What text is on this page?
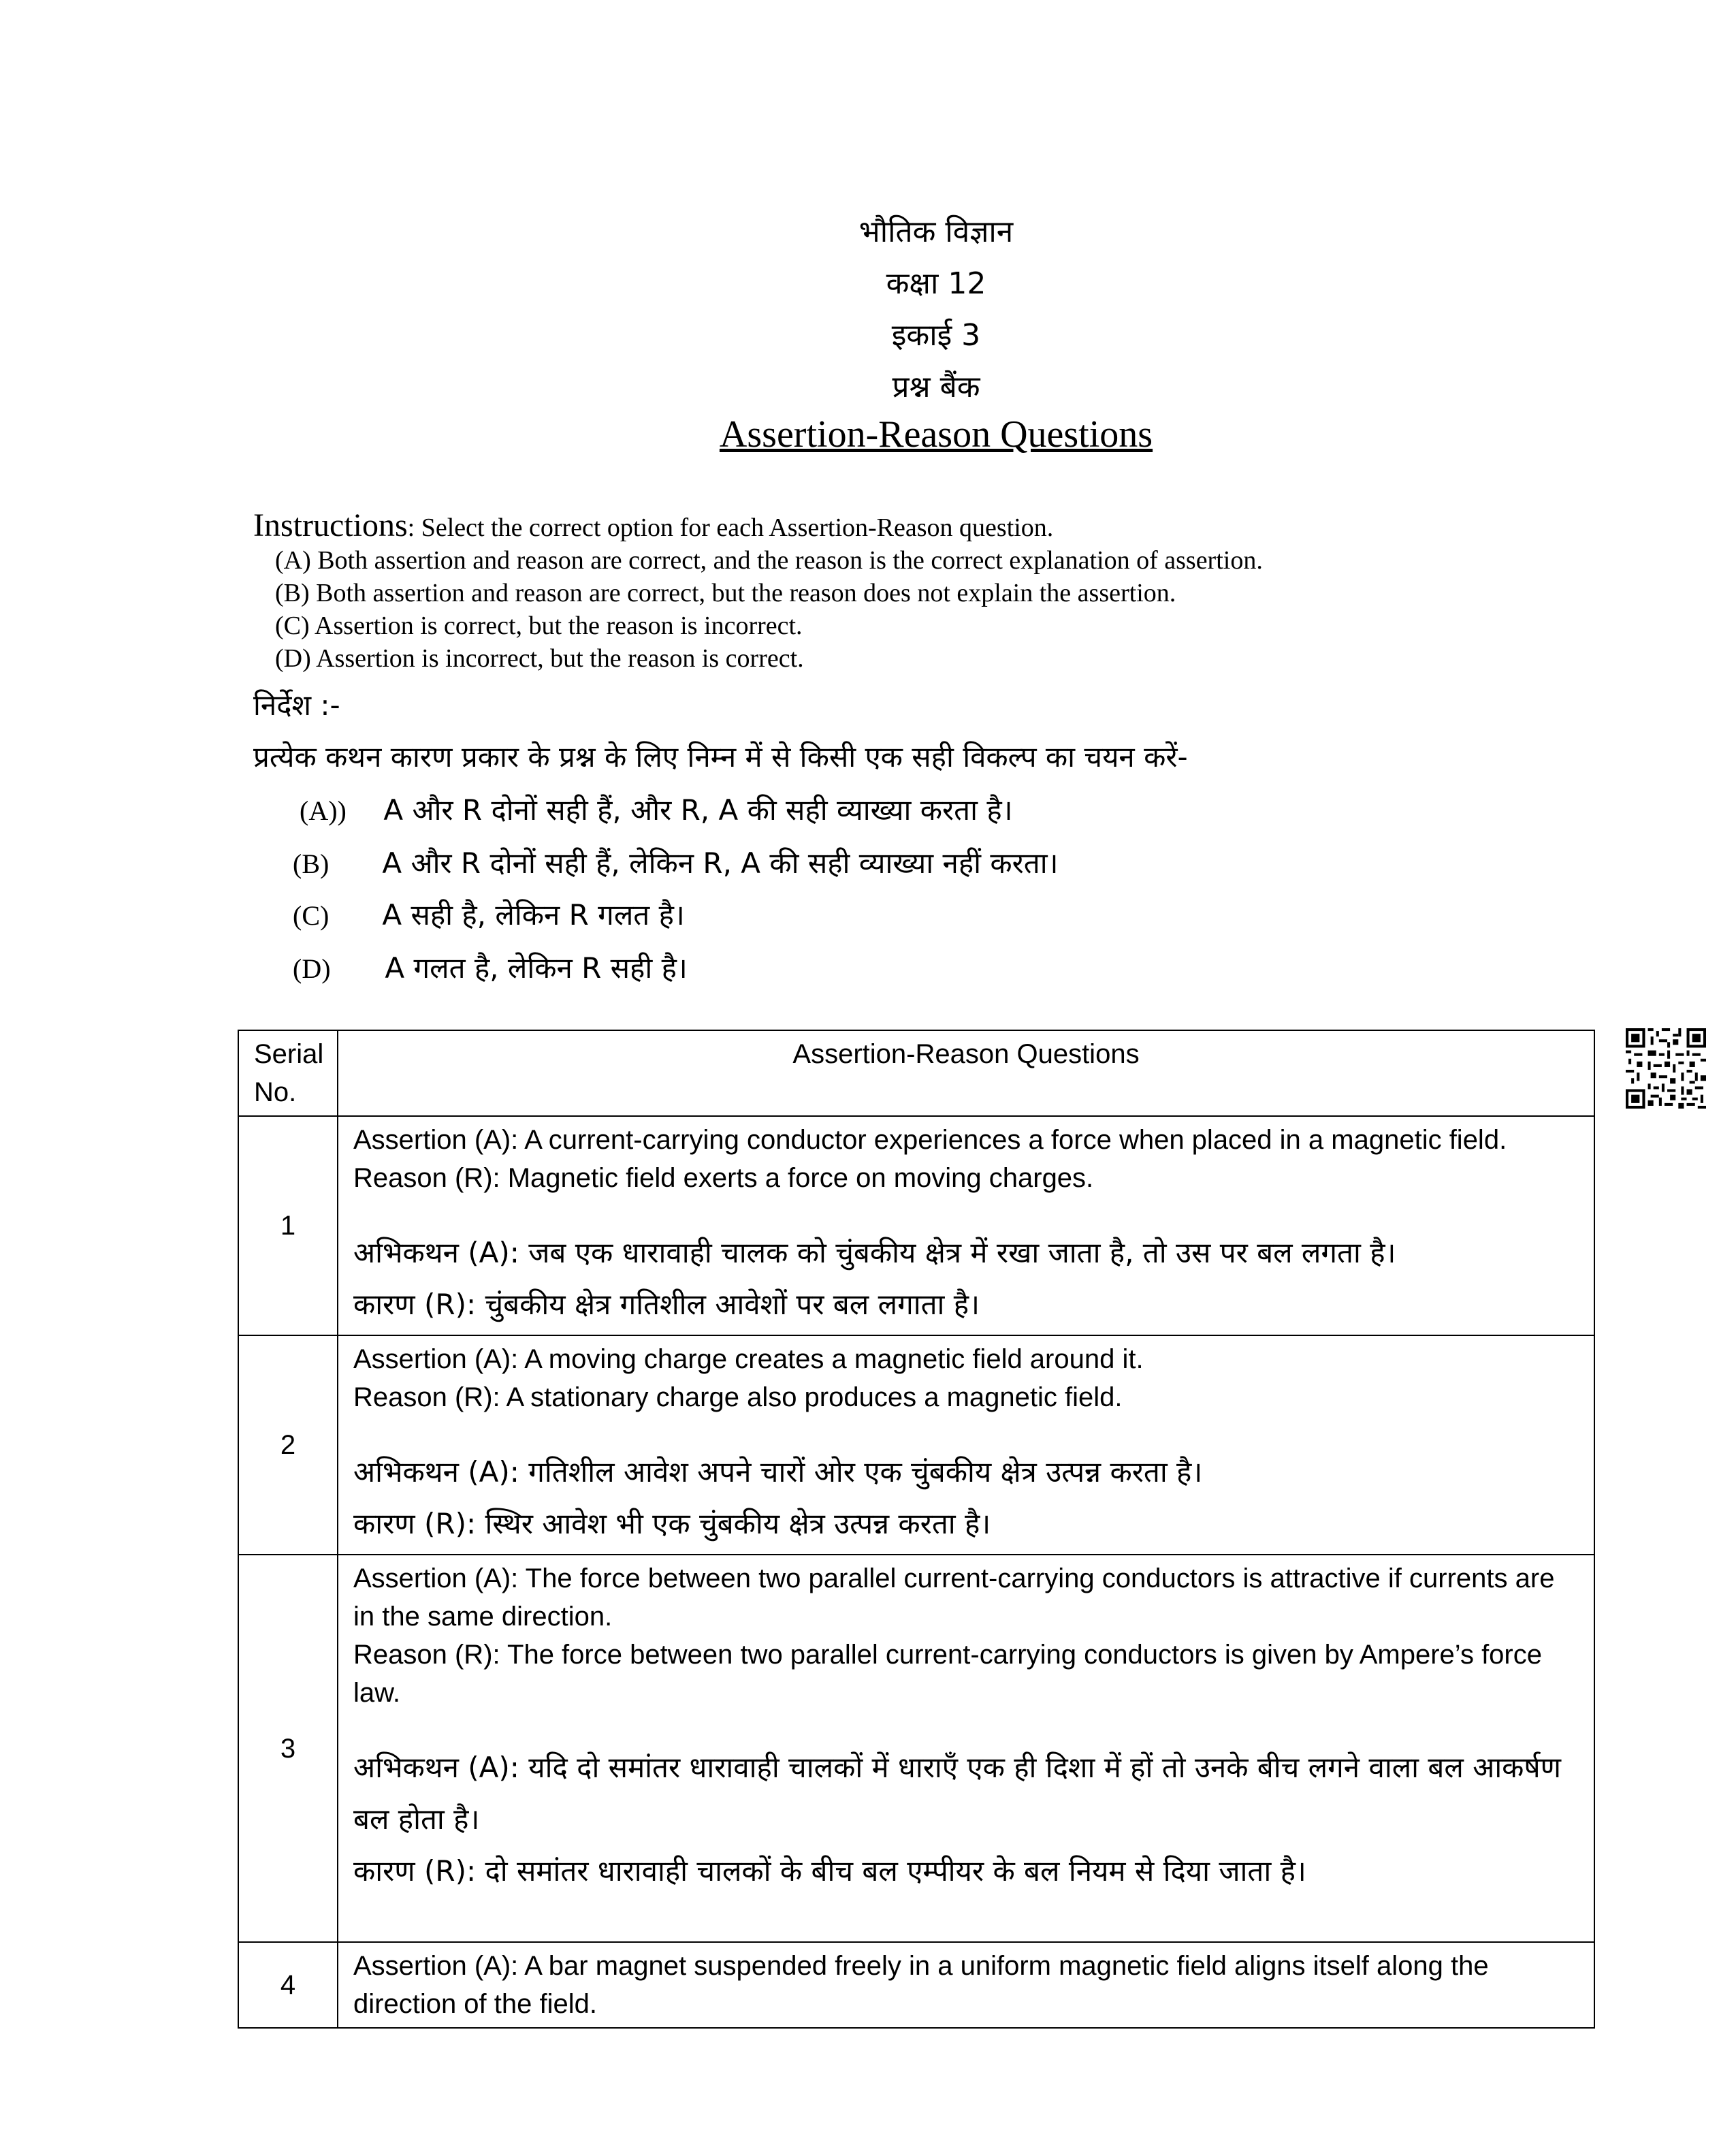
भौतिक विज्ञान
कक्षा 12
इकाई 3
प्रश्न बैंक
Assertion-Reason Questions
Instructions: Select the correct option for each Assertion-Reason question.
(A) Both assertion and reason are correct, and the reason is the correct explanation of assertion.
(B) Both assertion and reason are correct, but the reason does not explain the assertion.
(C) Assertion is correct, but the reason is incorrect.
(D) Assertion is incorrect, but the reason is correct.
निर्देश :-
प्रत्येक कथन कारण प्रकार के प्रश्न के लिए निम्न में से किसी एक सही विकल्प का चयन करें-
(A)) A और R दोनों सही हैं, और R, A की सही व्याख्या करता है।
(B) A और R दोनों सही हैं, लेकिन R, A की सही व्याख्या नहीं करता।
(C) A सही है, लेकिन R गलत है।
(D) A गलत है, लेकिन R सही है।
Serial No.	Assertion-Reason Questions
1	Assertion (A): A current-carrying conductor experiences a force when placed in a magnetic field.
Reason (R): Magnetic field exerts a force on moving charges.
अभिकथन (A): जब एक धारावाही चालक को चुंबकीय क्षेत्र में रखा जाता है, तो उस पर बल लगता है।
कारण (R): चुंबकीय क्षेत्र गतिशील आवेशों पर बल लगाता है।

2	Assertion (A): A moving charge creates a magnetic field around it.
Reason (R): A stationary charge also produces a magnetic field.
अभिकथन (A): गतिशील आवेश अपने चारों ओर एक चुंबकीय क्षेत्र उत्पन्न करता है।
कारण (R): स्थिर आवेश भी एक चुंबकीय क्षेत्र उत्पन्न करता है।

3	Assertion (A): The force between two parallel current-carrying conductors is attractive if currents are in the same direction.
Reason (R): The force between two parallel current-carrying conductors is given by Ampere’s force law.
अभिकथन (A): यदि दो समांतर धारावाही चालकों में धाराएँ एक ही दिशा में हों तो उनके बीच लगने वाला बल आकर्षण बल होता है।
कारण (R): दो समांतर धारावाही चालकों के बीच बल एम्पीयर के बल नियम से दिया जाता है।

4	Assertion (A): A bar magnet suspended freely in a uniform magnetic field aligns itself along the direction of the field.
